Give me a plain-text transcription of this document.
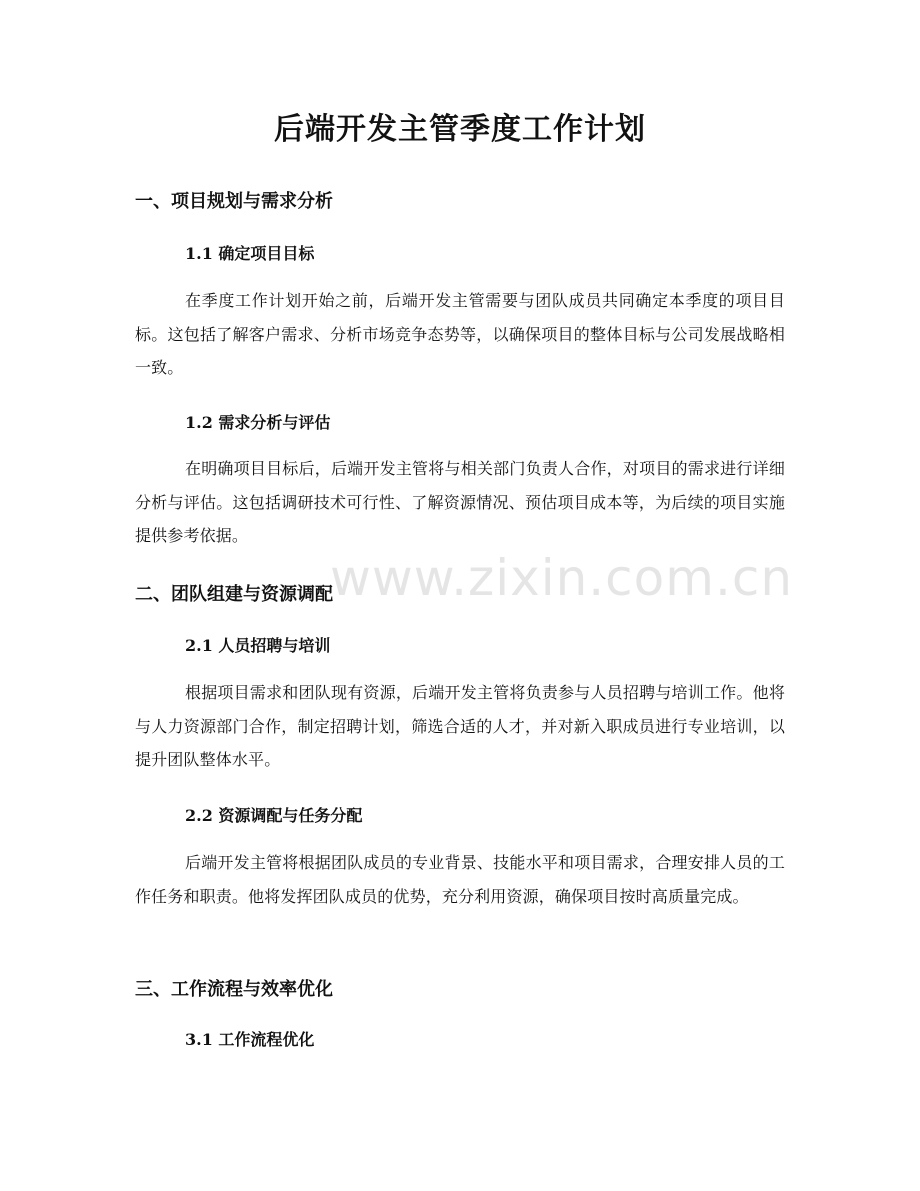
后端开发主管季度工作计划
一、项目规划与需求分析
1.1 确定项目目标

在季度工作计划开始之前，后端开发主管需要与团队成员共同确定本季度的项目目标。这包括了解客户需求、分析市场竞争态势等，以确保项目的整体目标与公司发展战略相一致。

1.2 需求分析与评估

在明确项目目标后，后端开发主管将与相关部门负责人合作，对项目的需求进行详细分析与评估。这包括调研技术可行性、了解资源情况、预估项目成本等，为后续的项目实施提供参考依据。

二、团队组建与资源调配
2.1 人员招聘与培训

根据项目需求和团队现有资源，后端开发主管将负责参与人员招聘与培训工作。他将与人力资源部门合作，制定招聘计划，筛选合适的人才，并对新入职成员进行专业培训，以提升团队整体水平。

2.2 资源调配与任务分配

后端开发主管将根据团队成员的专业背景、技能水平和项目需求，合理安排人员的工作任务和职责。他将发挥团队成员的优势，充分利用资源，确保项目按时高质量完成。

三、工作流程与效率优化
3.1 工作流程优化
www.zixin.com.cn
